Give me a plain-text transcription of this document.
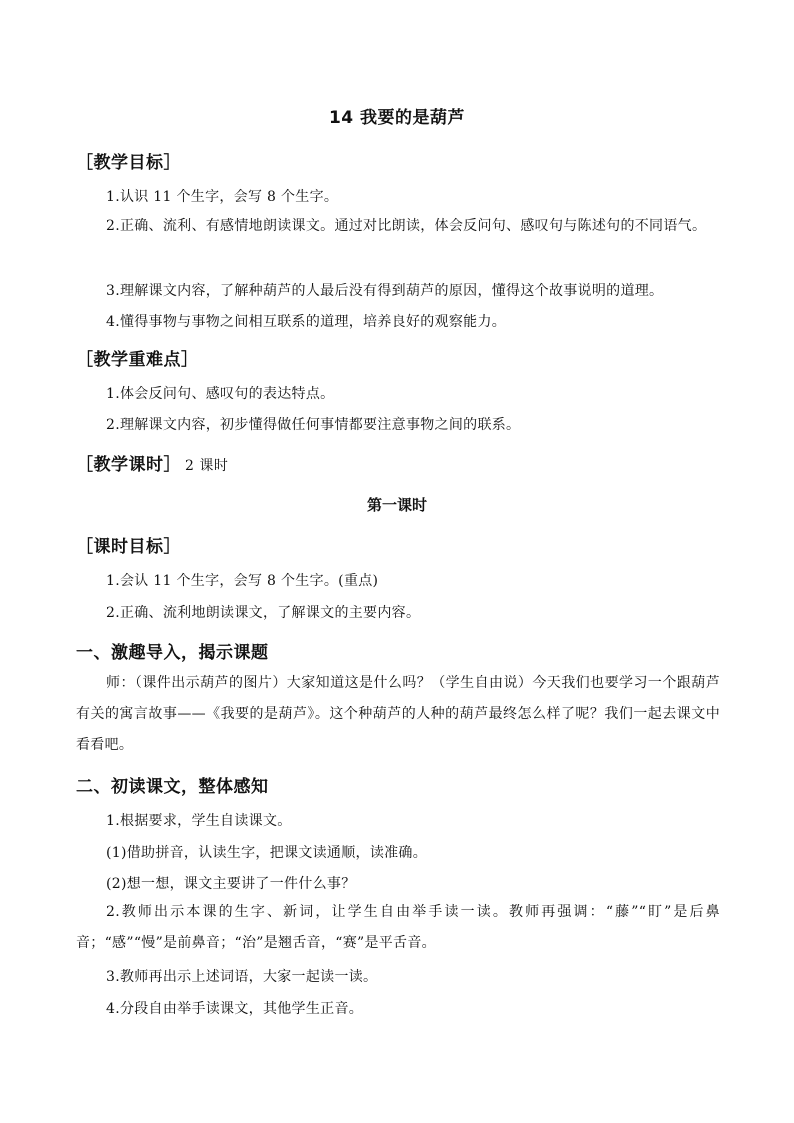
14 我要的是葫芦
［教学目标］
1.认识 11 个生字，会写 8 个生字。

2.正确、流利、有感情地朗读课文。通过对比朗读，体会反问句、感叹句与陈述句的不同语气。

3.理解课文内容，了解种葫芦的人最后没有得到葫芦的原因，懂得这个故事说明的道理。
4.懂得事物与事物之间相互联系的道理，培养良好的观察能力。
［教学重难点］
1.体会反问句、感叹句的表达特点。
2.理解课文内容，初步懂得做任何事情都要注意事物之间的联系。
［教学课时］ 2 课时
第一课时
［课时目标］
1.会认 11 个生字，会写 8 个生字。(重点)
2.正确、流利地朗读课文，了解课文的主要内容。
一、激趣导入，揭示课题

师：（课件出示葫芦的图片）大家知道这是什么吗？（学生自由说）今天我们也要学习一个跟葫芦有关的寓言故事——《我要的是葫芦》。这个种葫芦的人种的葫芦最终怎么样了呢？我们一起去课文中看看吧。

二、初读课文，整体感知
1.根据要求，学生自读课文。
(1)借助拼音，认读生字，把课文读通顺，读准确。
(2)想一想，课文主要讲了一件什么事？

2.教师出示本课的生字、新词，让学生自由举手读一读。教师再强调：“藤”“盯”是后鼻音；“感”“慢”是前鼻音；“治”是翘舌音，“赛”是平舌音。

3.教师再出示上述词语，大家一起读一读。
4.分段自由举手读课文，其他学生正音。
